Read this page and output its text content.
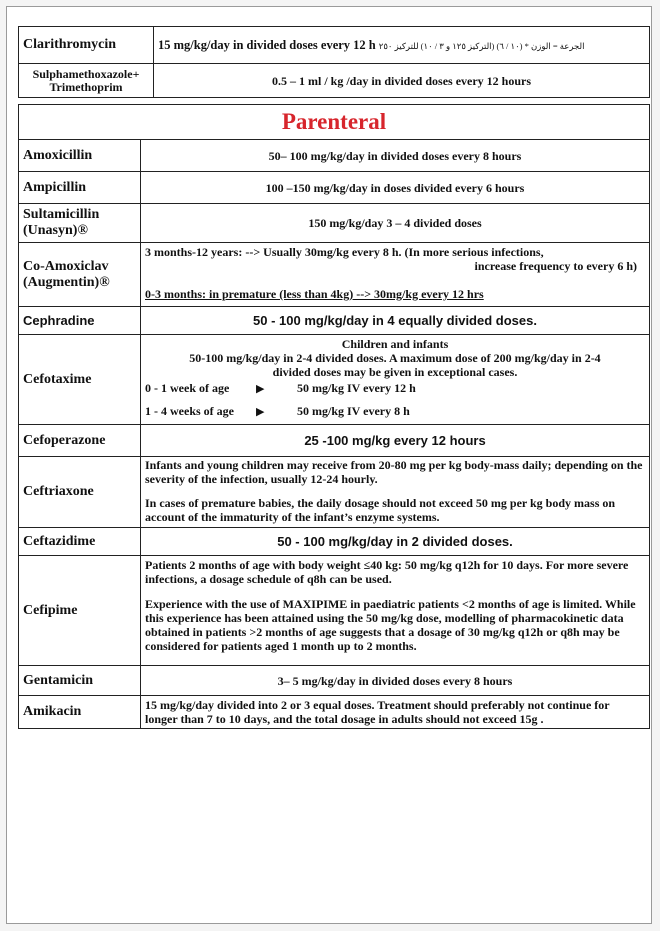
Clarithromycin	15 mg/kg/day in divided doses every 12 h الجرعة = الوزن * (١٠ / ٦) (التركيز ١٢٥ و ٣ / ١٠) للتركيز ٢٥٠
Sulphamethoxazole+
Trimethoprim	0.5 – 1 ml / kg /day in divided doses every 12 hours
Parenteral	
Amoxicillin	50– 100 mg/kg/day in divided doses every 8 hours
Ampicillin	100 –150 mg/kg/day in doses divided every 6 hours
Sultamicillin
(Unasyn)®	150 mg/kg/day 3 – 4 divided doses
Co-Amoxiclav
(Augmentin)®	3 months-12 years: --> Usually 30mg/kg every 8 h. (In more serious infections,
increase frequency to every 6 h)
0-3 months: in premature (less than 4kg) --> 30mg/kg every 12 hrs

Cephradine	50 - 100 mg/kg/day in 4 equally divided doses.
Cefotaxime	Children and infants
50-100 mg/kg/day in 2-4 divided doses. A maximum dose of 200 mg/kg/day in 2-4
divided doses may be given in exceptional cases.
0 - 1 week of age ▶ 50 mg/kg IV every 12 h
1 - 4 weeks of age ▶ 50 mg/kg IV every 8 h

Cefoperazone	25 -100 mg/kg every 12 hours
Ceftriaxone	Infants and young children may receive from 20-80 mg per kg body-mass daily; depending on the severity of the infection, usually 12-24 hourly.
In cases of premature babies, the daily dosage should not exceed 50 mg per kg body mass on account of the immaturity of the infant’s enzyme systems.

Ceftazidime	50 - 100 mg/kg/day in 2 divided doses.
Cefipime	Patients 2 months of age with body weight ≤40 kg: 50 mg/kg q12h for 10 days. For more severe infections, a dosage schedule of q8h can be used.
Experience with the use of MAXIPIME in paediatric patients <2 months of age is limited. While this experience has been attained using the 50 mg/kg dose, modelling of pharmacokinetic data obtained in patients >2 months of age suggests that a dosage of 30 mg/kg q12h or q8h may be considered for patients aged 1 month up to 2 months.

Gentamicin	3– 5 mg/kg/day in divided doses every 8 hours
Amikacin	15 mg/kg/day divided into 2 or 3 equal doses. Treatment should preferably not continue for longer than 7 to 10 days, and the total dosage in adults should not exceed 15g .
